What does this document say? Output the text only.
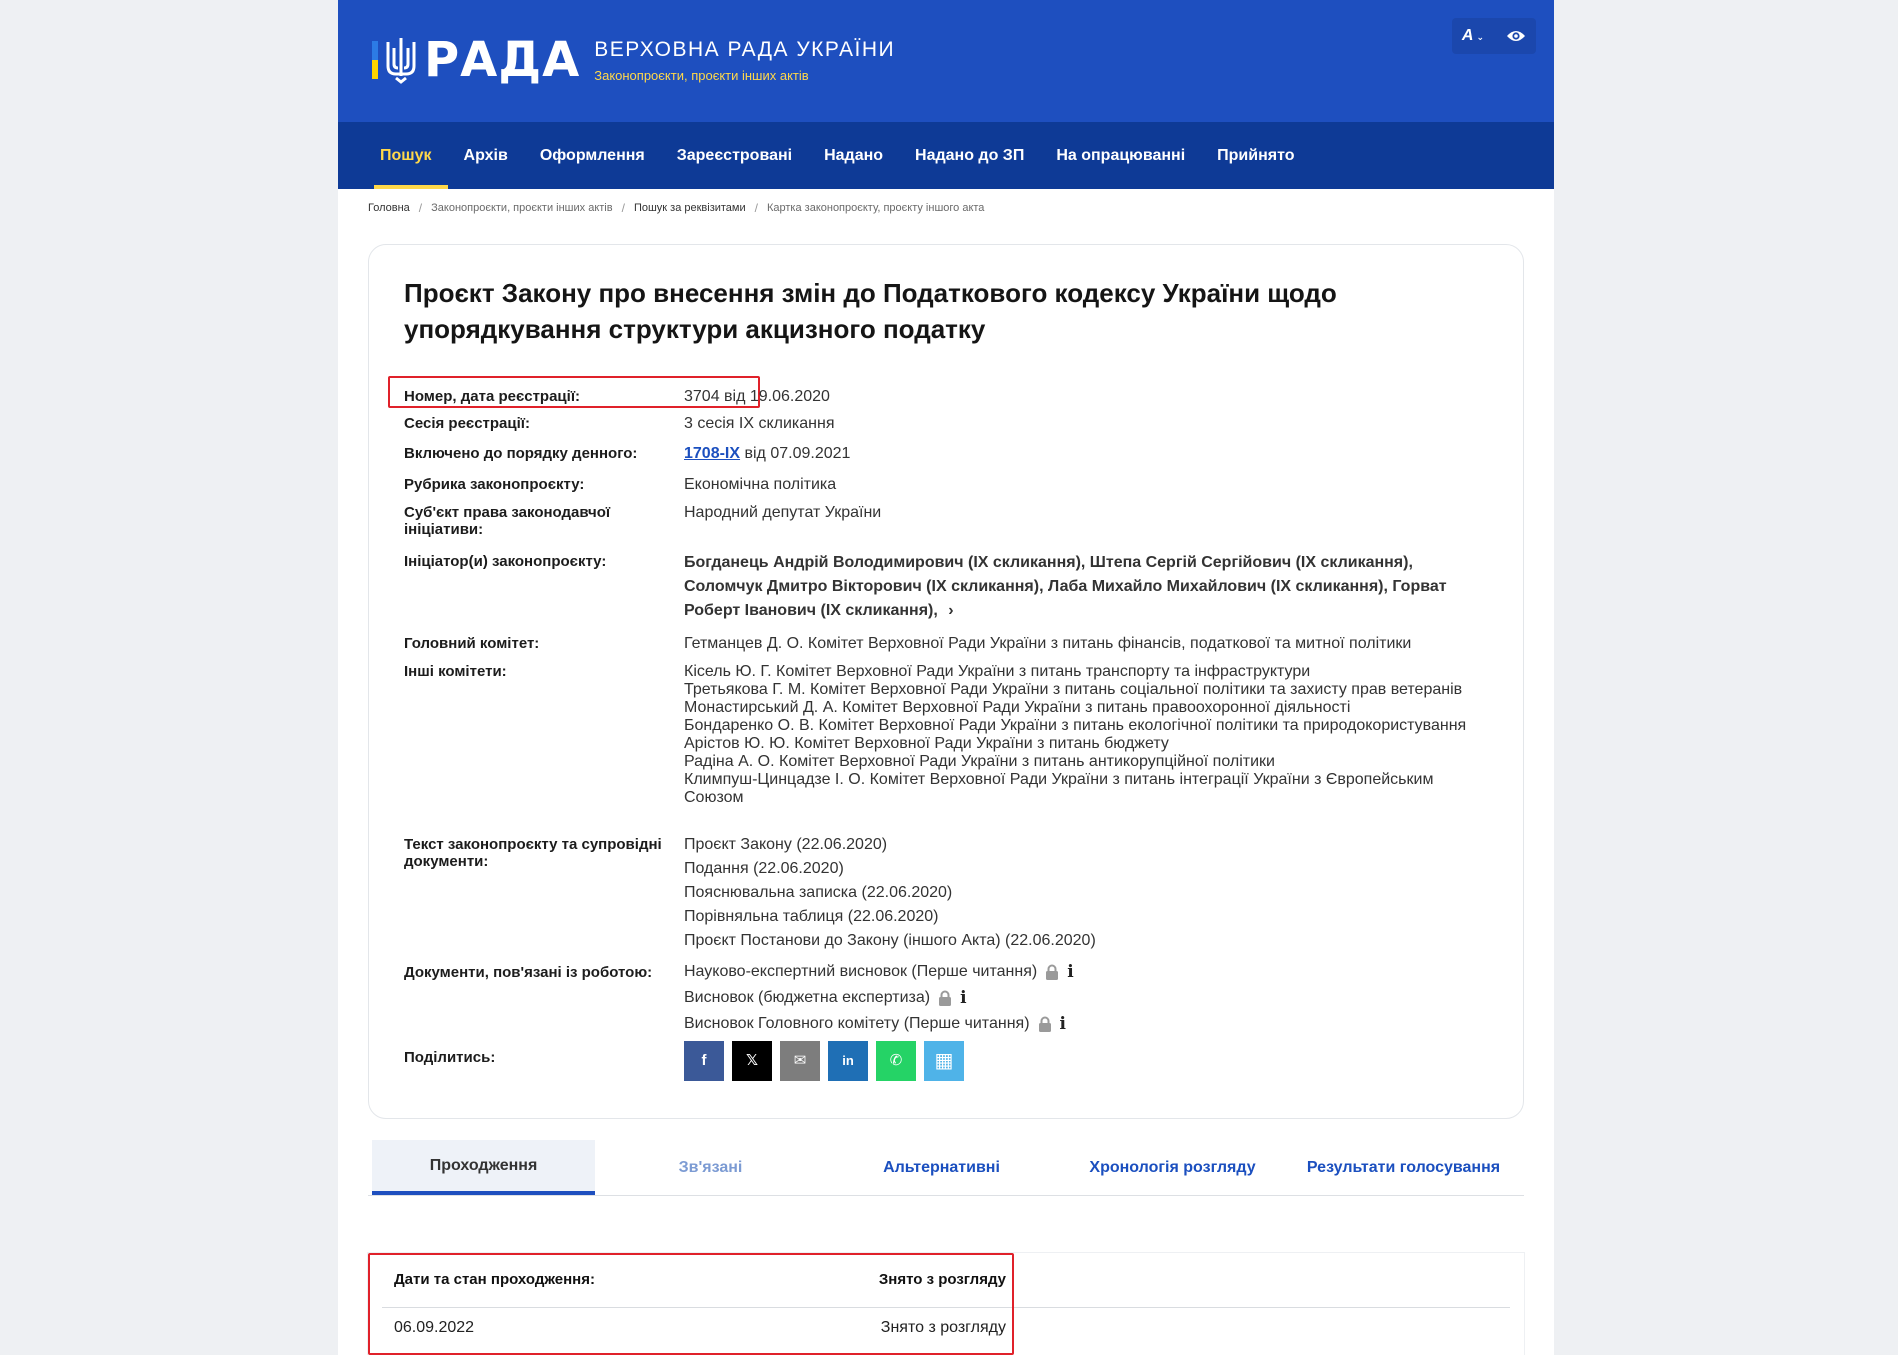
РАДА ВЕРХОВНА РАДА УКРАЇНИ
Законопроєкти, проєкти інших актів
A ⌄
Пошук	Архів	Оформлення	Зареєстровані	Надано	Надано до ЗП	На опрацюванні	Прийнято
Головна / Законопроєкти, проєкти інших актів / Пошук за реквізитами / Картка законопроєкту, проєкту іншого акта
Проєкт Закону про внесення змін до Податкового кодексу України щодо упорядкування структури акцизного податку
Номер, дата реєстрації:	3704 від 19.06.2020
Сесія реєстрації:	3 сесія IX скликання
Включено до порядку денного:	1708-IX від 07.09.2021
Рубрика законопроєкту:	Економічна політика
Суб'єкт права законодавчої ініціативи:
Народний депутат України
Ініціатор(и) законопроєкту:	Богданець Андрій Володимирович (IX скликання), Штепа Сергій Сергійович (IX скликання), Соломчук Дмитро Вікторович (IX скликання), Лаба Михайло Михайлович (IX скликання), Горват Роберт Іванович (IX скликання), ›
Головний комітет:	Гетманцев Д. О. Комітет Верховної Ради України з питань фінансів, податкової та митної політики
Інші комітети:	Кісель Ю. Г. Комітет Верховної Ради України з питань транспорту та інфраструктури
Третьякова Г. М. Комітет Верховної Ради України з питань соціальної політики та захисту прав ветеранів
Монастирський Д. А. Комітет Верховної Ради України з питань правоохоронної діяльності
Бондаренко О. В. Комітет Верховної Ради України з питань екологічної політики та природокористування
Арістов Ю. Ю. Комітет Верховної Ради України з питань бюджету
Радіна А. О. Комітет Верховної Ради України з питань антикорупційної політики
Климпуш-Цинцадзе І. О. Комітет Верховної Ради України з питань інтеграції України з Європейським Союзом
Текст законопроєкту та супровідні документи:
Проєкт Закону (22.06.2020)
Подання (22.06.2020)
Пояснювальна записка (22.06.2020)
Порівняльна таблиця (22.06.2020)
Проєкт Постанови до Закону (іншого Акта) (22.06.2020)
Документи, пов'язані із роботою:	Науково-експертний висновок (Перше читання) i
Висновок (бюджетна експертиза) i
Висновок Головного комітету (Перше читання) i
Поділитись:	f	𝕏	✉	in	✆	▦
Проходження	Зв'язані	Альтернативні	Хронологія розгляду	Результати голосування
Дати та стан проходження:	Знято з розгляду
06.09.2022	Знято з розгляду
